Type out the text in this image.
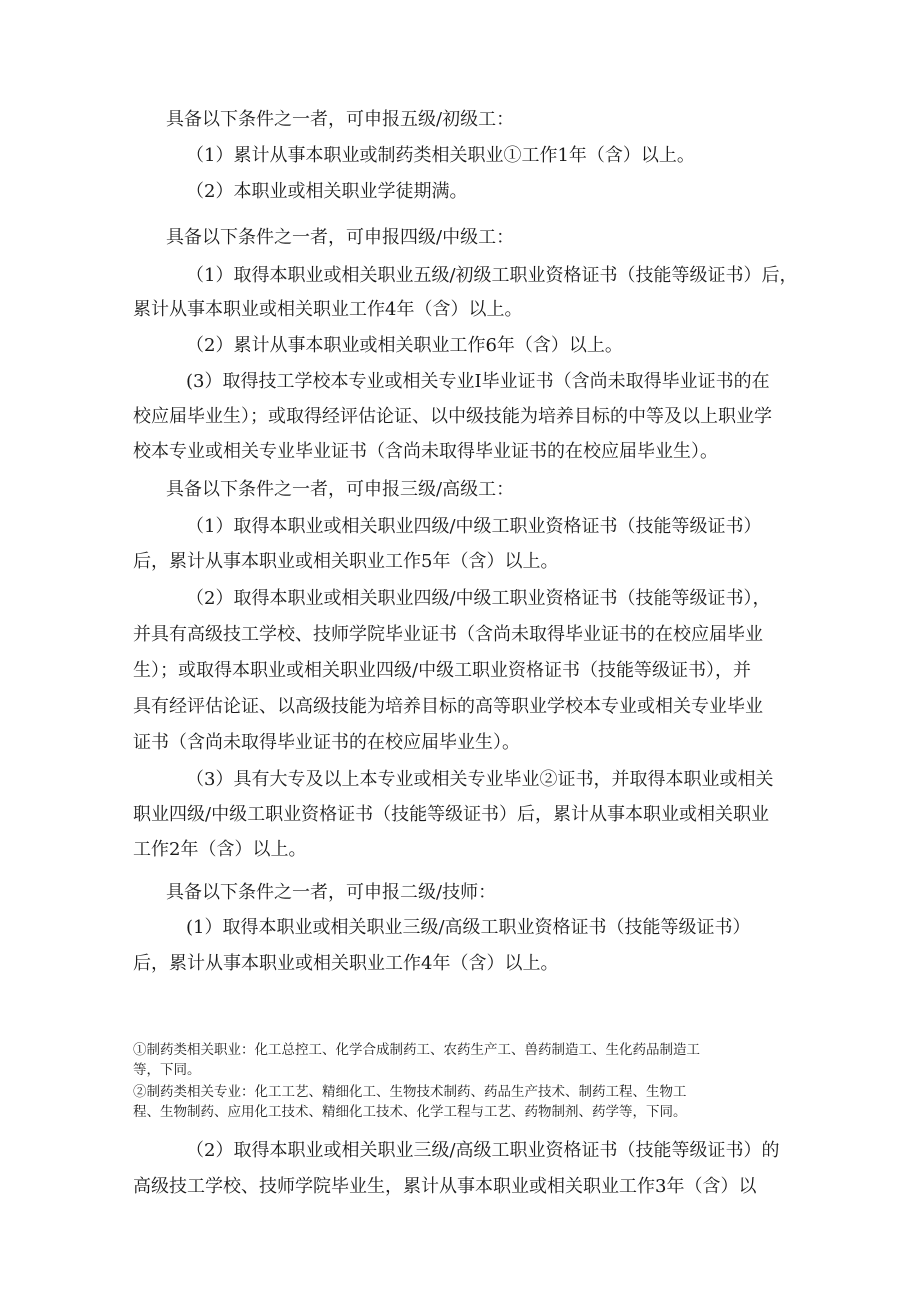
具备以下条件之一者，可申报五级/初级工：

（1）累计从事本职业或制药类相关职业①工作1年（含）以上。

（2）本职业或相关职业学徒期满。

具备以下条件之一者，可申报四级/中级工：

（1）取得本职业或相关职业五级/初级工职业资格证书（技能等级证书）后，

累计从事本职业或相关职业工作4年（含）以上。

（2）累计从事本职业或相关职业工作6年（含）以上。

(3）取得技工学校本专业或相关专业I毕业证书（含尚未取得毕业证书的在

校应届毕业生）；或取得经评估论证、以中级技能为培养目标的中等及以上职业学

校本专业或相关专业毕业证书（含尚未取得毕业证书的在校应届毕业生）。

具备以下条件之一者，可申报三级/高级工：

（1）取得本职业或相关职业四级/中级工职业资格证书（技能等级证书）

后，累计从事本职业或相关职业工作5年（含）以上。

（2）取得本职业或相关职业四级/中级工职业资格证书（技能等级证书），

并具有高级技工学校、技师学院毕业证书（含尚未取得毕业证书的在校应届毕业

生）；或取得本职业或相关职业四级/中级工职业资格证书（技能等级证书），并

具有经评估论证、以高级技能为培养目标的高等职业学校本专业或相关专业毕业

证书（含尚未取得毕业证书的在校应届毕业生）。

（3）具有大专及以上本专业或相关专业毕业②证书，并取得本职业或相关

职业四级/中级工职业资格证书（技能等级证书）后，累计从事本职业或相关职业

工作2年（含）以上。

具备以下条件之一者，可申报二级/技师：

(1）取得本职业或相关职业三级/高级工职业资格证书（技能等级证书）

后，累计从事本职业或相关职业工作4年（含）以上。

①制药类相关职业：化工总控工、化学合成制药工、农药生产工、兽药制造工、生化药品制造工

等，下同。

②制药类相关专业：化工工艺、精细化工、生物技术制药、药品生产技术、制药工程、生物工

程、生物制药、应用化工技术、精细化工技术、化学工程与工艺、药物制剂、药学等，下同。

（2）取得本职业或相关职业三级/高级工职业资格证书（技能等级证书）的

高级技工学校、技师学院毕业生，累计从事本职业或相关职业工作3年（含）以
